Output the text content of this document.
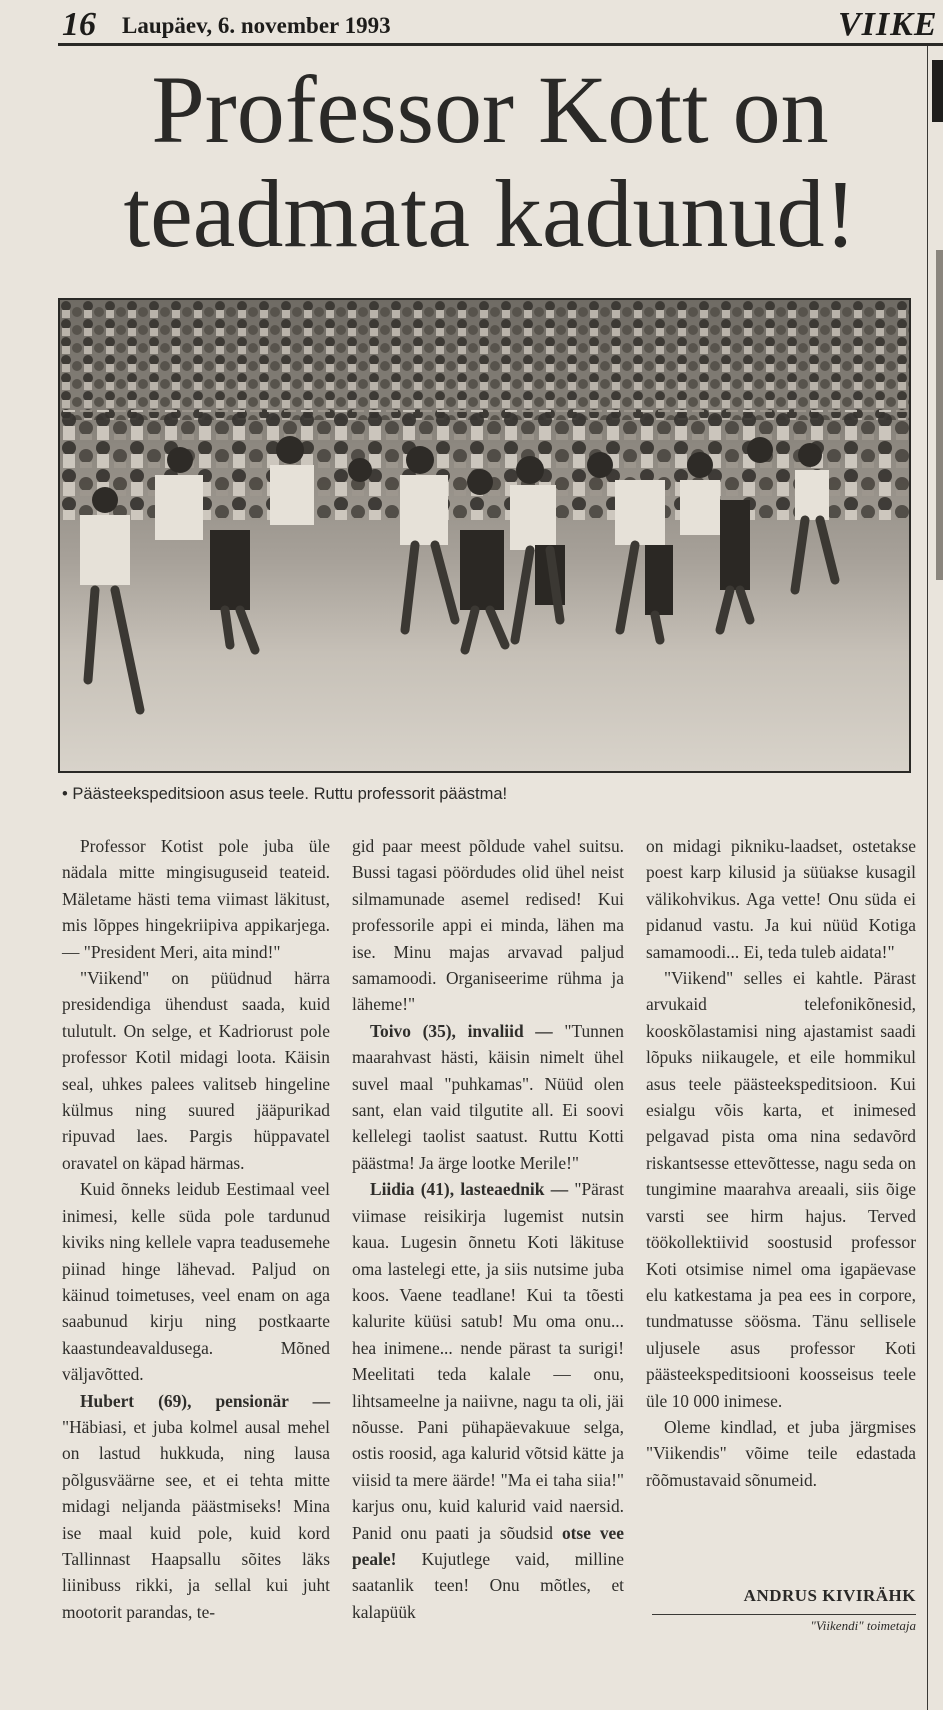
16 Laupäev, 6. november 1993	VIIKE
Professor Kott on
teadmata kadunud!
• Päästeekspeditsioon asus teele. Ruttu professorit päästma!

Professor Kotist pole juba üle nädala mitte mingisuguseid teateid. Mäletame hästi tema viimast läkitust, mis lõppes hingekriipiva appikarjega. — "President Meri, aita mind!"

"Viikend" on püüdnud härra presidendiga ühendust saada, kuid tulutult. On selge, et Kadriorust pole professor Kotil midagi loota. Käisin seal, uhkes palees valitseb hingeline külmus ning suured jääpurikad ripuvad laes. Pargis hüppavatel oravatel on käpad härmas.

Kuid õnneks leidub Eestimaal veel inimesi, kelle süda pole tardunud kiviks ning kellele vapra teadusemehe piinad hinge lähevad. Paljud on käinud toimetuses, veel enam on aga saabunud kirju ning postkaarte kaastundeavaldusega. Mõned väljavõtted.

Hubert (69), pensionär — "Häbiasi, et juba kolmel ausal mehel on lastud hukkuda, ning lausa põlgusväärne see, et ei tehta mitte midagi neljanda päästmiseks! Mina ise maal kuid pole, kuid kord Tallinnast Haapsallu sõites läks liinibuss rikki, ja sellal kui juht mootorit parandas, te-

gid paar meest põldude vahel suitsu. Bussi tagasi pöördudes olid ühel neist silmamunade asemel redised! Kui professorile appi ei minda, lähen ma ise. Minu majas arvavad paljud samamoodi. Organiseerime rühma ja läheme!"

Toivo (35), invaliid — "Tunnen maarahvast hästi, käisin nimelt ühel suvel maal "puhkamas". Nüüd olen sant, elan vaid tilgutite all. Ei soovi kellelegi taolist saatust. Ruttu Kotti päästma! Ja ärge lootke Merile!"

Liidia (41), lasteaednik — "Pärast viimase reisikirja lugemist nutsin kaua. Lugesin õnnetu Koti läkituse oma lastelegi ette, ja siis nutsime juba koos. Vaene teadlane! Kui ta tõesti kalurite küüsi satub! Mu oma onu... hea inimene... nende pärast ta surigi! Meelitati teda kalale — onu, lihtsameelne ja naiivne, nagu ta oli, jäi nõusse. Pani pühapäevakuue selga, ostis roosid, aga kalurid võtsid kätte ja viisid ta mere äärde! "Ma ei taha siia!" karjus onu, kuid kalurid vaid naersid. Panid onu paati ja sõudsid otse vee peale! Kujutlege vaid, milline saatanlik teen! Onu mõtles, et kalapüük

on midagi pikniku-laadset, ostetakse poest karp kilusid ja süüakse kusagil välikohvikus. Aga vette! Onu süda ei pidanud vastu. Ja kui nüüd Kotiga samamoodi... Ei, teda tuleb aidata!"

"Viikend" selles ei kahtle. Pärast arvukaid telefonikõnesid, kooskõlastamisi ning ajastamist saadi lõpuks niikaugele, et eile hommikul asus teele päästeekspeditsioon. Kui esialgu võis karta, et inimesed pelgavad pista oma nina sedavõrd riskantsesse ettevõttesse, nagu seda on tungimine maarahva areaali, siis õige varsti see hirm hajus. Terved töökollektiivid soostusid professor Koti otsimise nimel oma igapäevase elu katkestama ja pea ees in corpore, tundmatusse söösma. Tänu sellisele uljusele asus professor Koti päästeekspeditsiooni koosseisus teele üle 10 000 inimese.

Oleme kindlad, et juba järgmises "Viikendis" võime teile edastada rõõmustavaid sõnumeid.

ANDRUS KIVIRÄHK
"Viikendi" toimetaja
